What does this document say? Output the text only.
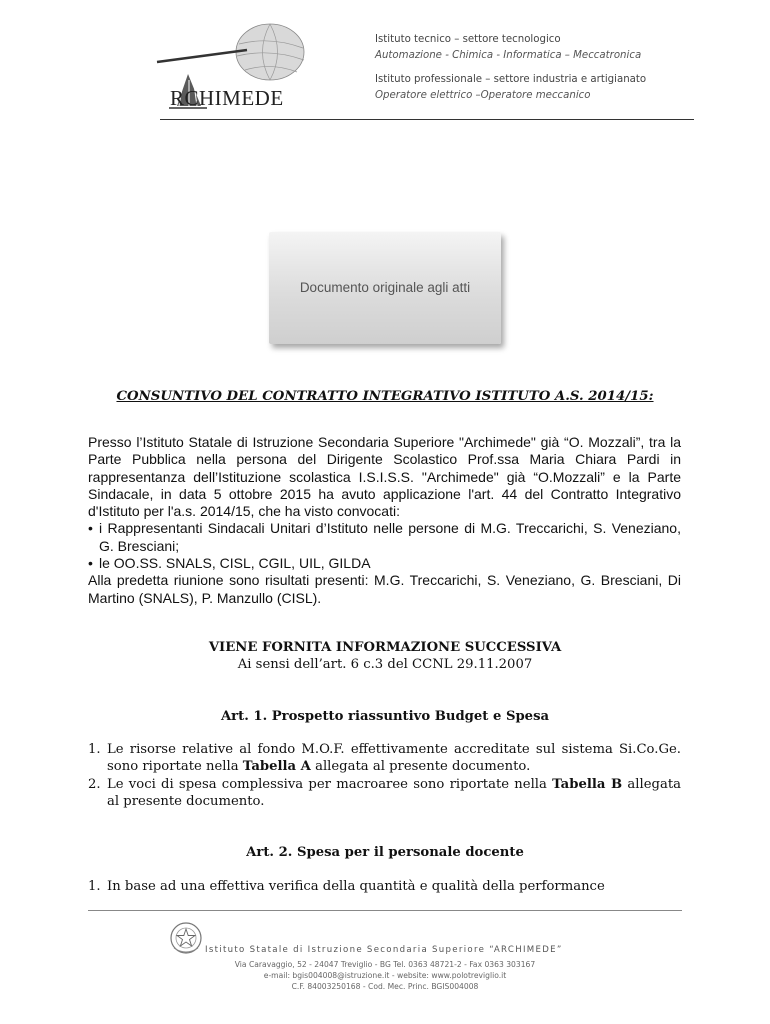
RCHIMEDE
Istituto tecnico – settore tecnologico
Automazione - Chimica - Informatica – Meccatronica
Istituto professionale – settore industria e artigianato
Operatore elettrico –Operatore meccanico
Documento originale agli atti
CONSUNTIVO DEL CONTRATTO INTEGRATIVO ISTITUTO A.S. 2014/15:

Presso l’Istituto Statale di Istruzione Secondaria Superiore "Archimede" già “O. Mozzali”, tra la Parte Pubblica nella persona del Dirigente Scolastico Prof.ssa Maria Chiara Pardi in rappresentanza dell’Istituzione scolastica I.S.I.S.S. "Archimede" già “O.Mozzali” e la Parte Sindacale, in data 5 ottobre 2015 ha avuto applicazione l'art. 44 del Contratto Integrativo d'Istituto per l'a.s. 2014/15, che ha visto convocati:

• i Rappresentanti Sindacali Unitari d’Istituto nelle persone di M.G. Treccarichi, S. Veneziano, G. Bresciani;
• le OO.SS. SNALS, CISL, CGIL, UIL, GILDA

Alla predetta riunione sono risultati presenti: M.G. Treccarichi, S. Veneziano, G. Bresciani, Di Martino (SNALS), P. Manzullo (CISL).

VIENE FORNITA INFORMAZIONE SUCCESSIVA
Ai sensi dell’art. 6 c.3 del CCNL 29.11.2007
Art. 1. Prospetto riassuntivo Budget e Spesa
1. Le risorse relative al fondo M.O.F. effettivamente accreditate sul sistema Si.Co.Ge. sono riportate nella Tabella A allegata al presente documento.
2. Le voci di spesa complessiva per macroaree sono riportate nella Tabella B allegata al presente documento.
Art. 2. Spesa per il personale docente
1. In base ad una effettiva verifica della quantità e qualità della performance
Istituto Statale di Istruzione Secondaria Superiore “ARCHIMEDE”
Via Caravaggio, 52 - 24047 Treviglio - BG Tel. 0363 48721-2 - Fax 0363 303167
e-mail: bgis004008@istruzione.it - website: www.polotreviglio.it
C.F. 84003250168 - Cod. Mec. Princ. BGIS004008
